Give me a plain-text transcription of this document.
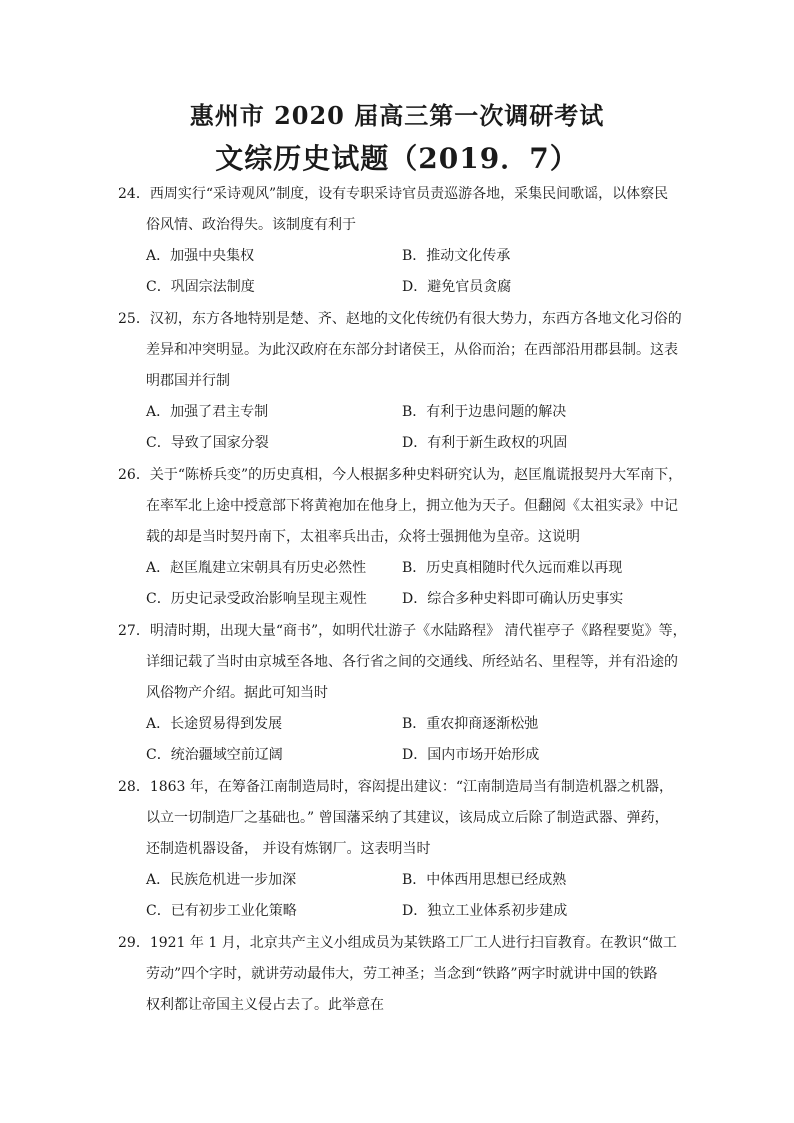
惠州市 2020 届高三第一次调研考试
文综历史试题（2019．7）
24．西周实行“采诗观风”制度，设有专职采诗官员责巡游各地，采集民间歌谣，以体察民
俗风情、政治得失。该制度有利于
A．加强中央集权	B．推动文化传承
C．巩固宗法制度	D．避免官员贪腐
25．汉初，东方各地特别是楚、齐、赵地的文化传统仍有很大势力，东西方各地文化习俗的
差异和冲突明显。为此汉政府在东部分封诸侯王，从俗而治；在西部沿用郡县制。这表
明郡国并行制
A．加强了君主专制	B．有利于边患问题的解决
C．导致了国家分裂	D．有利于新生政权的巩固
26．关于“陈桥兵变”的历史真相，今人根据多种史料研究认为，赵匡胤谎报契丹大军南下，
在率军北上途中授意部下将黄袍加在他身上，拥立他为天子。但翻阅《太祖实录》中记
载的却是当时契丹南下，太祖率兵出击，众将士强拥他为皇帝。这说明
A．赵匡胤建立宋朝具有历史必然性	B．历史真相随时代久远而难以再现
C．历史记录受政治影响呈现主观性	D．综合多种史料即可确认历史事实
27．明清时期，出现大量“商书”，如明代壮游子《水陆路程》 清代崔亭子《路程要览》等，
详细记载了当时由京城至各地、各行省之间的交通线、所经站名、里程等，并有沿途的
风俗物产介绍。据此可知当时
A．长途贸易得到发展	B．重农抑商逐渐松弛
C．统治疆域空前辽阔	D．国内市场开始形成
28．1863 年，在筹备江南制造局时，容闳提出建议：“江南制造局当有制造机器之机器，
以立一切制造厂之基础也。” 曾国藩采纳了其建议，该局成立后除了制造武器、弹药，
还制造机器设备， 并设有炼钢厂。这表明当时
A．民族危机进一步加深	B．中体西用思想已经成熟
C．已有初步工业化策略	D．独立工业体系初步建成
29．1921 年 1 月，北京共产主义小组成员为某铁路工厂工人进行扫盲教育。在教识“做工
劳动”四个字时，就讲劳动最伟大，劳工神圣；当念到“铁路”两字时就讲中国的铁路
权利都让帝国主义侵占去了。此举意在
